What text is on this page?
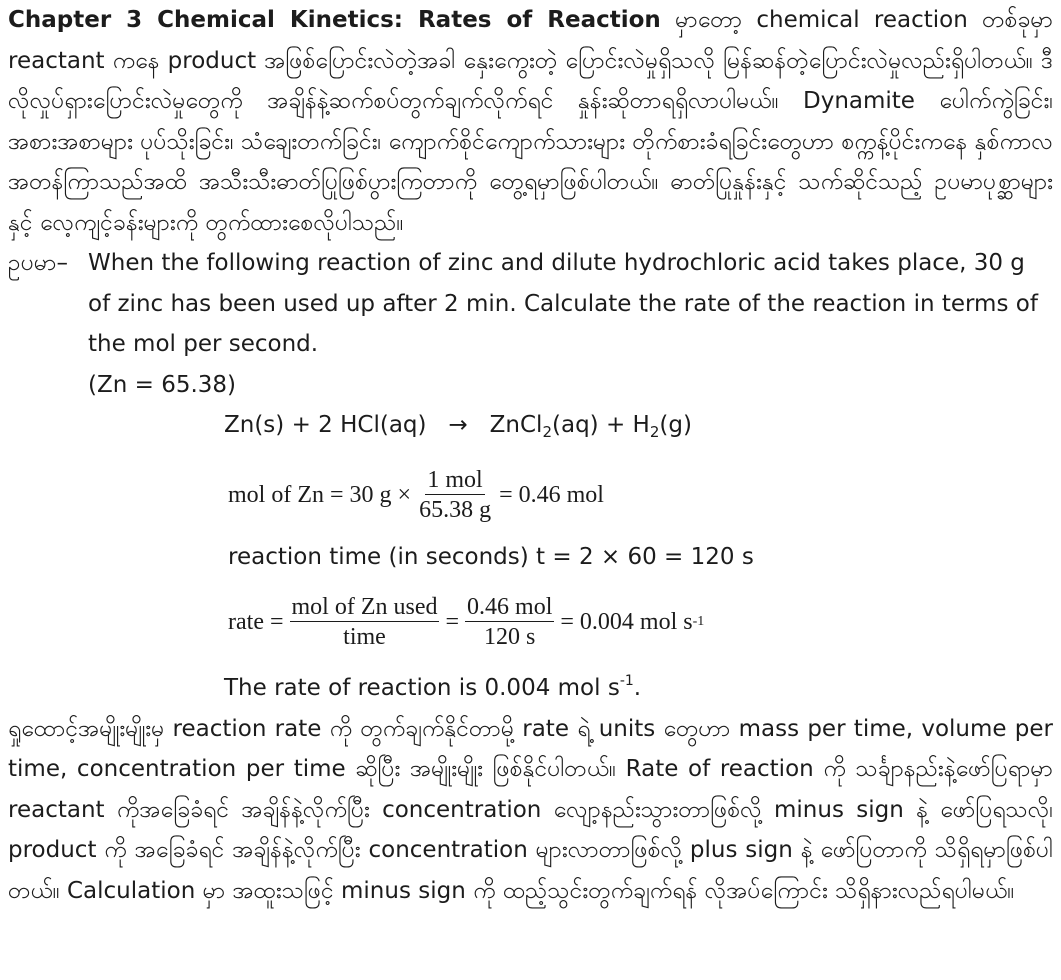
Chapter 3 Chemical Kinetics: Rates of Reaction မှာတော့ chemical reaction တစ်ခုမှာ reactant ကနေ product အဖြစ်ပြောင်းလဲတဲ့အခါ နှေးကွေးတဲ့ ပြောင်းလဲမှုရှိသလို မြန်ဆန်တဲ့ပြောင်းလဲမှုလည်းရှိပါတယ်။ ဒီလိုလှုပ်ရှားပြောင်းလဲမှုတွေကို အချိန်နဲ့ဆက်စပ်တွက်ချက်လိုက်ရင် နှုန်းဆိုတာရရှိလာပါမယ်။ Dynamite ပေါက်ကွဲခြင်း၊ အစားအစာများ ပုပ်သိုးခြင်း၊ သံချေးတက်ခြင်း၊ ကျောက်စိုင်ကျောက်သားများ တိုက်စားခံရခြင်းတွေဟာ စက္ကန့်ပိုင်းကနေ နှစ်ကာလအတန်ကြာသည်အထိ အသီးသီးဓာတ်ပြုဖြစ်ပွားကြတာကို တွေ့ရမှာဖြစ်ပါတယ်။ ဓာတ်ပြုနှုန်းနှင့် သက်ဆိုင်သည့် ဥပမာပုစ္ဆာများနှင့် လေ့ကျင့်ခန်းများကို တွက်ထားစေလိုပါသည်။

ဥပမာ– When the following reaction of zinc and dilute hydrochloric acid takes place, 30 g of zinc has been used up after 2 min. Calculate the rate of the reaction in terms of the mol per second.
(Zn = 65.38)
Zn(s) + 2 HCl(aq) → ZnCl$_2$(aq) + $H_2(g)$
mol of Zn = 30 $g \times \frac{\text{1 mol}}{65.38 g} = 0.46$ mol
reaction time (in seconds) t = 2 × 60 = 120 s
rate = $\frac{\text{mol of Zn used}}{\text{time}} = \frac{\text{0.46 mol}}{120 s} = 0.004$ mol s -1
The rate of reaction is 0.004 mol $s^{-1}$.

ရှုထောင့်အမျိုးမျိုးမှ reaction rate ကို တွက်ချက်နိုင်တာမို့ rate ရဲ့ units တွေဟာ mass per time, volume per time, concentration per time ဆိုပြီး အမျိုးမျိုး ဖြစ်နိုင်ပါတယ်။ Rate of reaction ကို သင်္ချာနည်းနဲ့ဖော်ပြရာမှာ reactant ကိုအခြေခံရင် အချိန်နဲ့လိုက်ပြီး concentration လျော့နည်းသွားတာဖြစ်လို့ minus sign နဲ့ ဖော်ပြရသလို၊ product ကို အခြေခံရင် အချိန်နဲ့လိုက်ပြီး concentration များလာတာဖြစ်လို့ plus sign နဲ့ ဖော်ပြတာကို သိရှိရမှာဖြစ်ပါတယ်။ Calculation မှာ အထူးသဖြင့် minus sign ကို ထည့်သွင်းတွက်ချက်ရန် လိုအပ်ကြောင်း သိရှိနားလည်ရပါမယ်။
